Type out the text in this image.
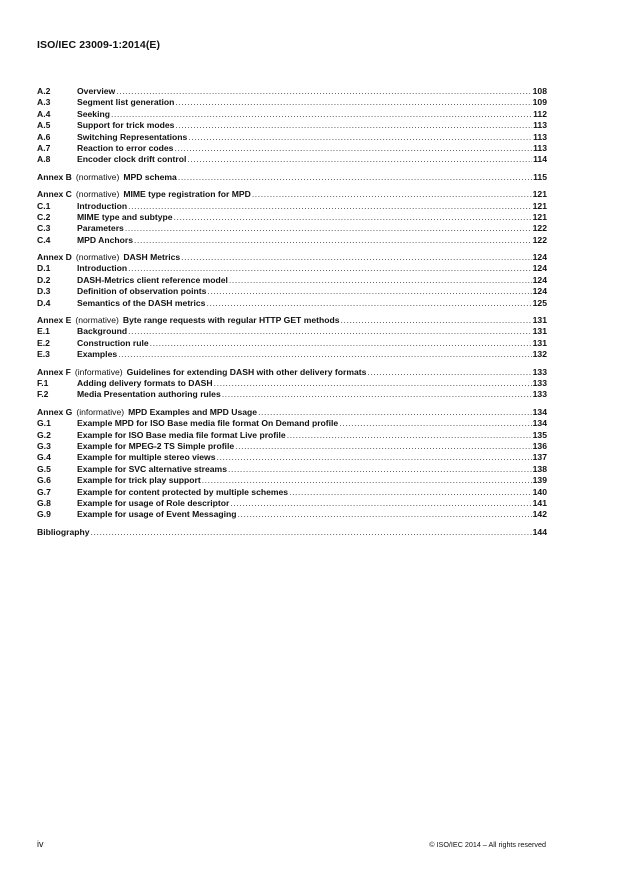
ISO/IEC 23009-1:2014(E)
A.2	Overview .....	108
A.3	Segment list generation .....	109
A.4	Seeking .....	112
A.5	Support for trick modes .....	113
A.6	Switching Representations .....	113
A.7	Reaction to error codes .....	113
A.8	Encoder clock drift control .....	114
Annex B (normative) MPD schema .....	115
Annex C (normative) MIME type registration for MPD .....	121
C.1	Introduction .....	121
C.2	MIME type and subtype .....	121
C.3	Parameters .....	122
C.4	MPD Anchors .....	122
Annex D (normative) DASH Metrics .....	124
D.1	Introduction .....	124
D.2	DASH-Metrics client reference model .....	124
D.3	Definition of observation points .....	124
D.4	Semantics of the DASH metrics .....	125
Annex E (normative) Byte range requests with regular HTTP GET methods .....	131
E.1	Background .....	131
E.2	Construction rule .....	131
E.3	Examples .....	132
Annex F (informative) Guidelines for extending DASH with other delivery formats .....	133
F.1	Adding delivery formats to DASH .....	133
F.2	Media Presentation authoring rules .....	133
Annex G (informative) MPD Examples and MPD Usage .....	134
G.1	Example MPD for ISO Base media file format On Demand profile .....	134
G.2	Example for ISO Base media file format Live profile .....	135
G.3	Example for MPEG-2 TS Simple profile .....	136
G.4	Example for multiple stereo views .....	137
G.5	Example for SVC alternative streams .....	138
G.6	Example for trick play support .....	139
G.7	Example for content protected by multiple schemes .....	140
G.8	Example for usage of Role descriptor .....	141
G.9	Example for usage of Event Messaging .....	142
Bibliography .....	144
iv	© ISO/IEC 2014 – All rights reserved
